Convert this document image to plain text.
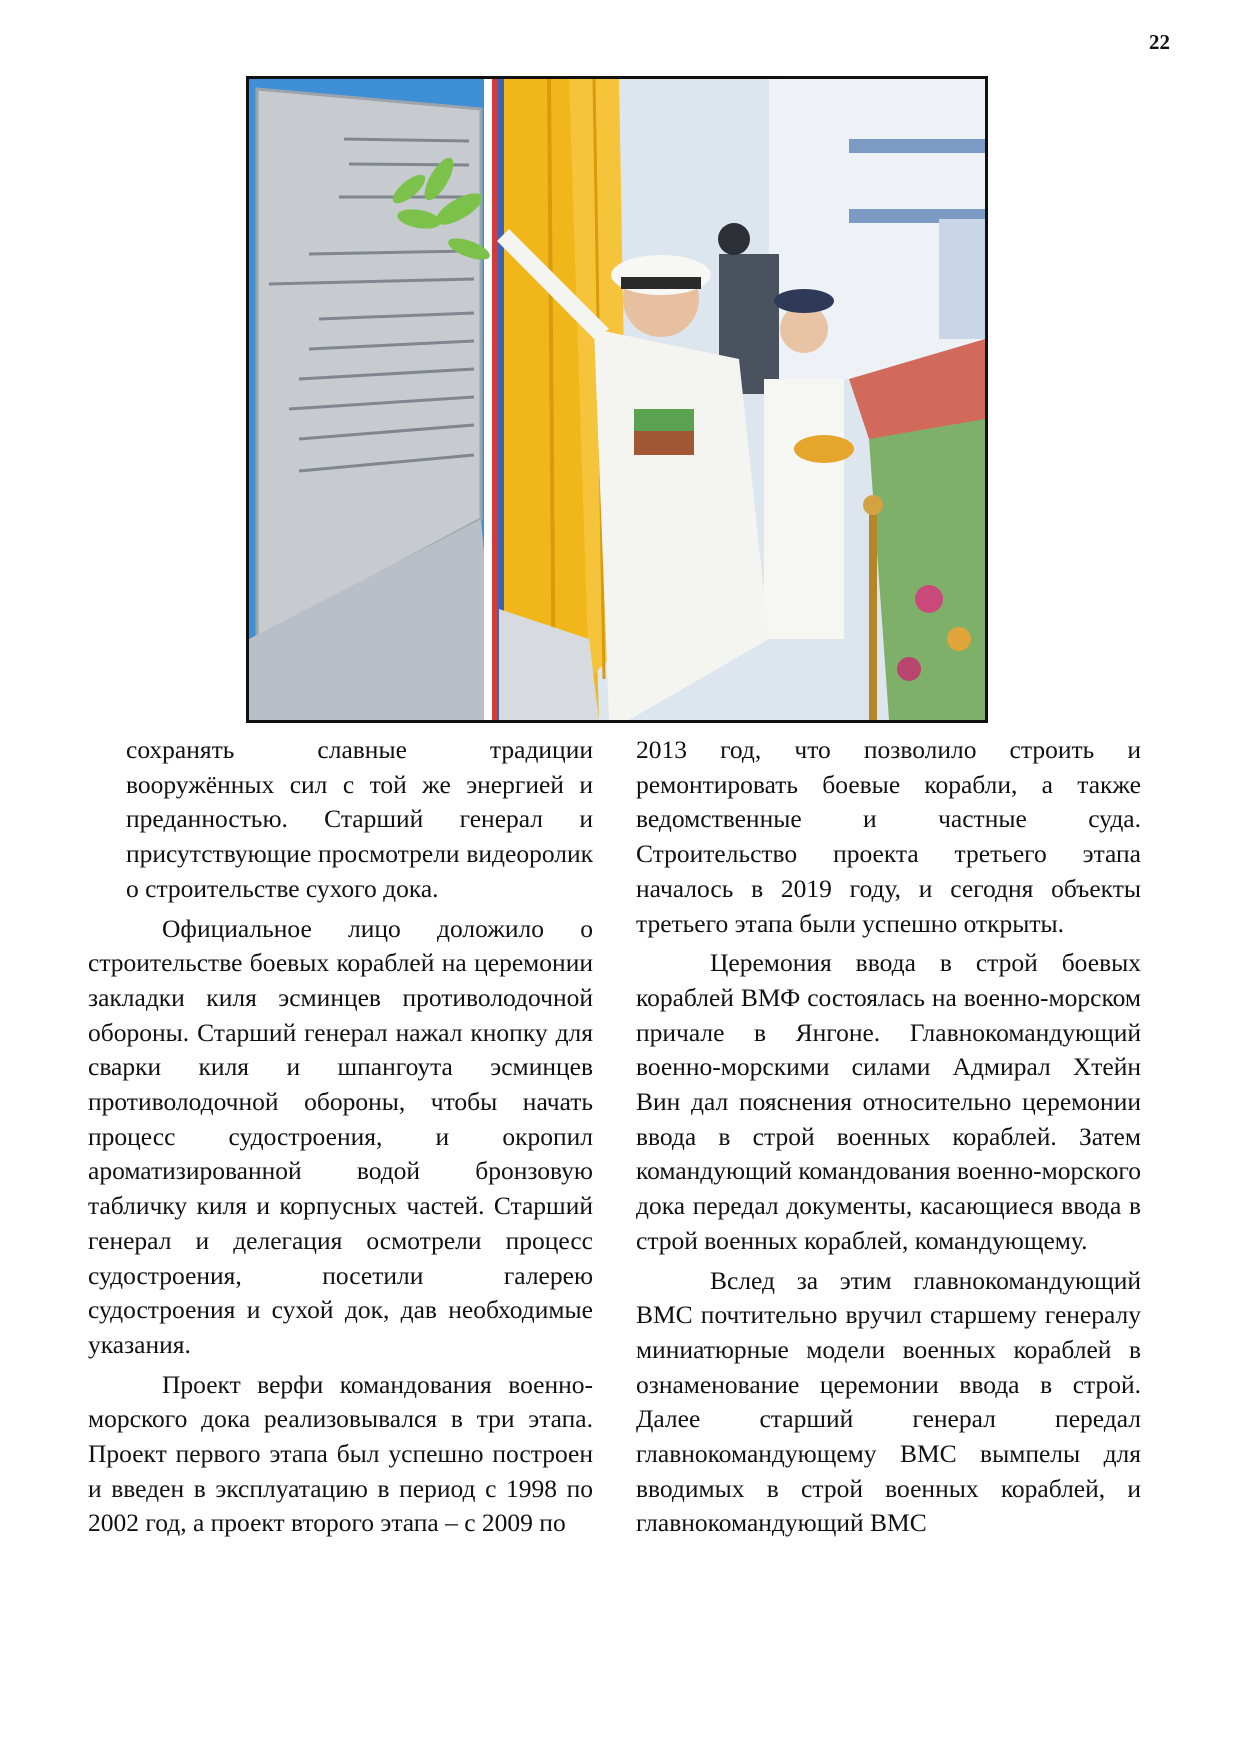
22

сохранять славные традиции вооружённых сил с той же энергией и преданностью. Старший генерал и присутствующие просмотрели видеоролик о строительстве сухого дока.

Официальное лицо доложило о строительстве боевых кораблей на церемонии закладки киля эсминцев противолодочной обороны. Старший генерал нажал кнопку для сварки киля и шпангоута эсминцев противолодочной обороны, чтобы начать процесс судостроения, и окропил ароматизированной водой бронзовую табличку киля и корпусных частей. Старший генерал и делегация осмотрели процесс судостроения, посетили галерею судостроения и сухой док, дав необходимые указания.

Проект верфи командования военно-морского дока реализовывался в три этапа. Проект первого этапа был успешно построен и введен в эксплуатацию в период с 1998 по 2002 год, а проект второго этапа – с 2009 по

2013 год, что позволило строить и ремонтировать боевые корабли, а также ведомственные и частные суда. Строительство проекта третьего этапа началось в 2019 году, и сегодня объекты третьего этапа были успешно открыты.

Церемония ввода в строй боевых кораблей ВМФ состоялась на военно-морском причале в Янгоне. Главнокомандующий военно-морскими силами Адмирал Хтейн Вин дал пояснения относительно церемонии ввода в строй военных кораблей. Затем командующий командования военно-морского дока передал документы, касающиеся ввода в строй военных кораблей, командующему.

Вслед за этим главнокомандующий ВМС почтительно вручил старшему генералу миниатюрные модели военных кораблей в ознаменование церемонии ввода в строй. Далее старший генерал передал главнокомандующему ВМС вымпелы для вводимых в строй военных кораблей, и главнокомандующий ВМС
